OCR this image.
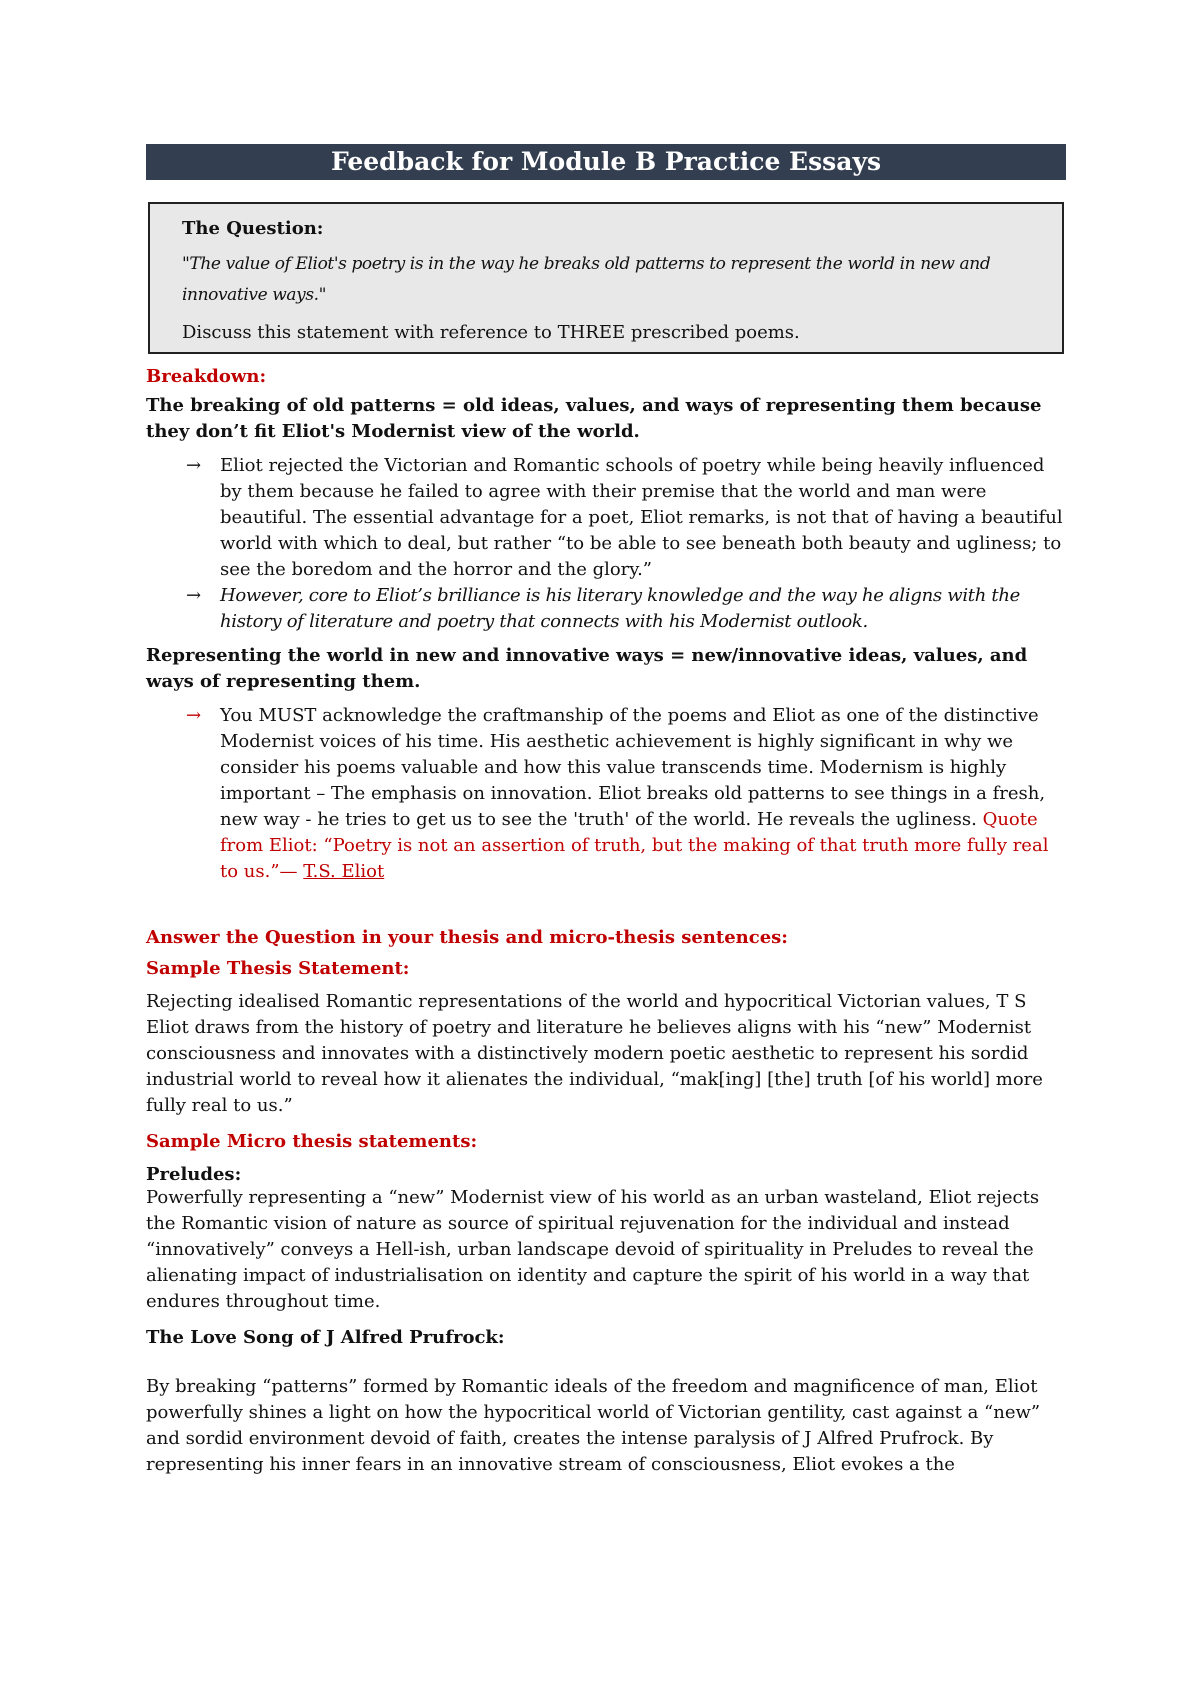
Feedback for Module B Practice Essays

The Question:

"The value of Eliot's poetry is in the way he breaks old patterns to represent the world in new and innovative ways."

Discuss this statement with reference to THREE prescribed poems.

Breakdown:

The breaking of old patterns = old ideas, values, and ways of representing them because they don’t fit Eliot's Modernist view of the world.

→	Eliot rejected the Victorian and Romantic schools of poetry while being heavily influenced by them because he failed to agree with their premise that the world and man were beautiful. The essential advantage for a poet, Eliot remarks, is not that of having a beautiful world with which to deal, but rather “to be able to see beneath both beauty and ugliness; to see the boredom and the horror and the glory.”
→	However, core to Eliot’s brilliance is his literary knowledge and the way he aligns with the history of literature and poetry that connects with his Modernist outlook.

Representing the world in new and innovative ways = new/innovative ideas, values, and ways of representing them.

→	You MUST acknowledge the craftmanship of the poems and Eliot as one of the distinctive Modernist voices of his time. His aesthetic achievement is highly significant in why we consider his poems valuable and how this value transcends time. Modernism is highly important – The emphasis on innovation. Eliot breaks old patterns to see things in a fresh, new way - he tries to get us to see the 'truth' of the world. He reveals the ugliness. Quote from Eliot: “Poetry is not an assertion of truth, but the making of that truth more fully real to us.”— T.S. Eliot

Answer the Question in your thesis and micro-thesis sentences:

Sample Thesis Statement:

Rejecting idealised Romantic representations of the world and hypocritical Victorian values, T S Eliot draws from the history of poetry and literature he believes aligns with his “new” Modernist consciousness and innovates with a distinctively modern poetic aesthetic to represent his sordid industrial world to reveal how it alienates the individual, “mak[ing] [the] truth [of his world] more fully real to us.”

Sample Micro thesis statements:

Preludes:

Powerfully representing a “new” Modernist view of his world as an urban wasteland, Eliot rejects the Romantic vision of nature as source of spiritual rejuvenation for the individual and instead “innovatively” conveys a Hell-ish, urban landscape devoid of spirituality in Preludes to reveal the alienating impact of industrialisation on identity and capture the spirit of his world in a way that endures throughout time.

The Love Song of J Alfred Prufrock:

By breaking “patterns” formed by Romantic ideals of the freedom and magnificence of man, Eliot powerfully shines a light on how the hypocritical world of Victorian gentility, cast against a “new” and sordid environment devoid of faith, creates the intense paralysis of J Alfred Prufrock. By representing his inner fears in an innovative stream of consciousness, Eliot evokes a the
